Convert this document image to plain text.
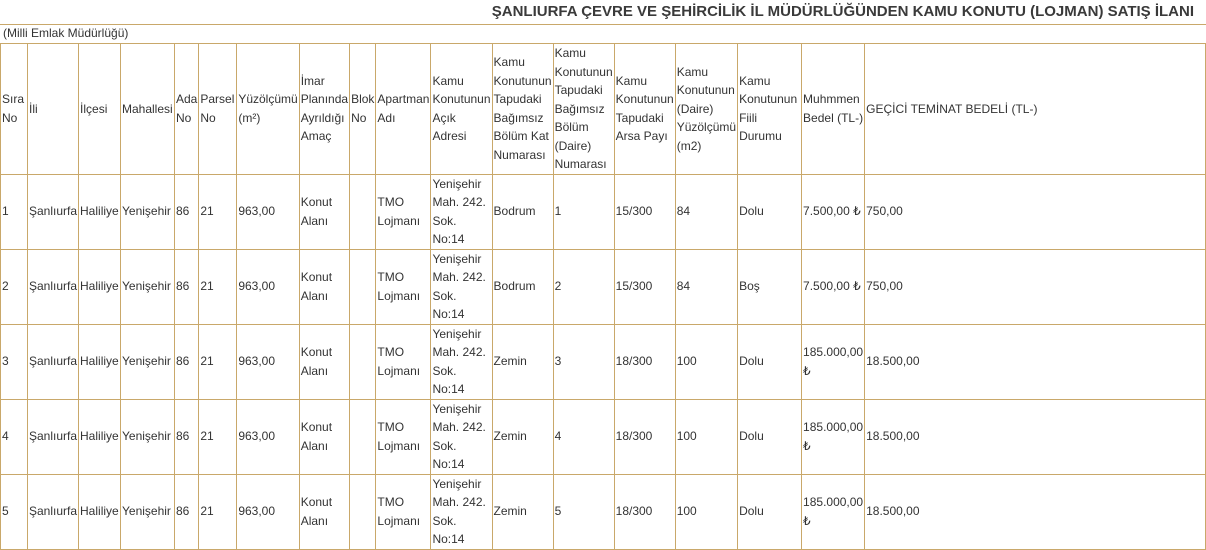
ŞANLIURFA ÇEVRE VE ŞEHİRCİLİK İL MÜDÜRLÜĞÜNDEN KAMU KONUTU (LOJMAN) SATIŞ İLANI
(Milli Emlak Müdürlüğü)
Sıra No	İli	İlçesi	Mahallesi	Ada No	Parsel No	Yüzölçümü (m²)	İmar Planında Ayrıldığı Amaç	Blok No	Apartman Adı	Kamu Konutunun Açık Adresi	Kamu Konutunun Tapudaki Bağımsız Bölüm Kat Numarası	Kamu Konutunun Tapudaki Bağımsız Bölüm (Daire) Numarası	Kamu Konutunun Tapudaki Arsa Payı	Kamu Konutunun (Daire) Yüzölçümü (m2)	Kamu Konutunun Fiili Durumu	Muhmmen Bedel (TL-)	GEÇİCİ TEMİNAT BEDELİ (TL-)
1	Şanlıurfa	Haliliye	Yenişehir	86	21	963,00	Konut Alanı		TMO Lojmanı	Yenişehir Mah. 242. Sok. No:14	Bodrum	1	15/300	84	Dolu	7.500,00 ₺	750,00
2	Şanlıurfa	Haliliye	Yenişehir	86	21	963,00	Konut Alanı		TMO Lojmanı	Yenişehir Mah. 242. Sok. No:14	Bodrum	2	15/300	84	Boş	7.500,00 ₺	750,00
3	Şanlıurfa	Haliliye	Yenişehir	86	21	963,00	Konut Alanı		TMO Lojmanı	Yenişehir Mah. 242. Sok. No:14	Zemin	3	18/300	100	Dolu	185.000,00 ₺	18.500,00
4	Şanlıurfa	Haliliye	Yenişehir	86	21	963,00	Konut Alanı		TMO Lojmanı	Yenişehir Mah. 242. Sok. No:14	Zemin	4	18/300	100	Dolu	185.000,00 ₺	18.500,00
5	Şanlıurfa	Haliliye	Yenişehir	86	21	963,00	Konut Alanı		TMO Lojmanı	Yenişehir Mah. 242. Sok. No:14	Zemin	5	18/300	100	Dolu	185.000,00 ₺	18.500,00
